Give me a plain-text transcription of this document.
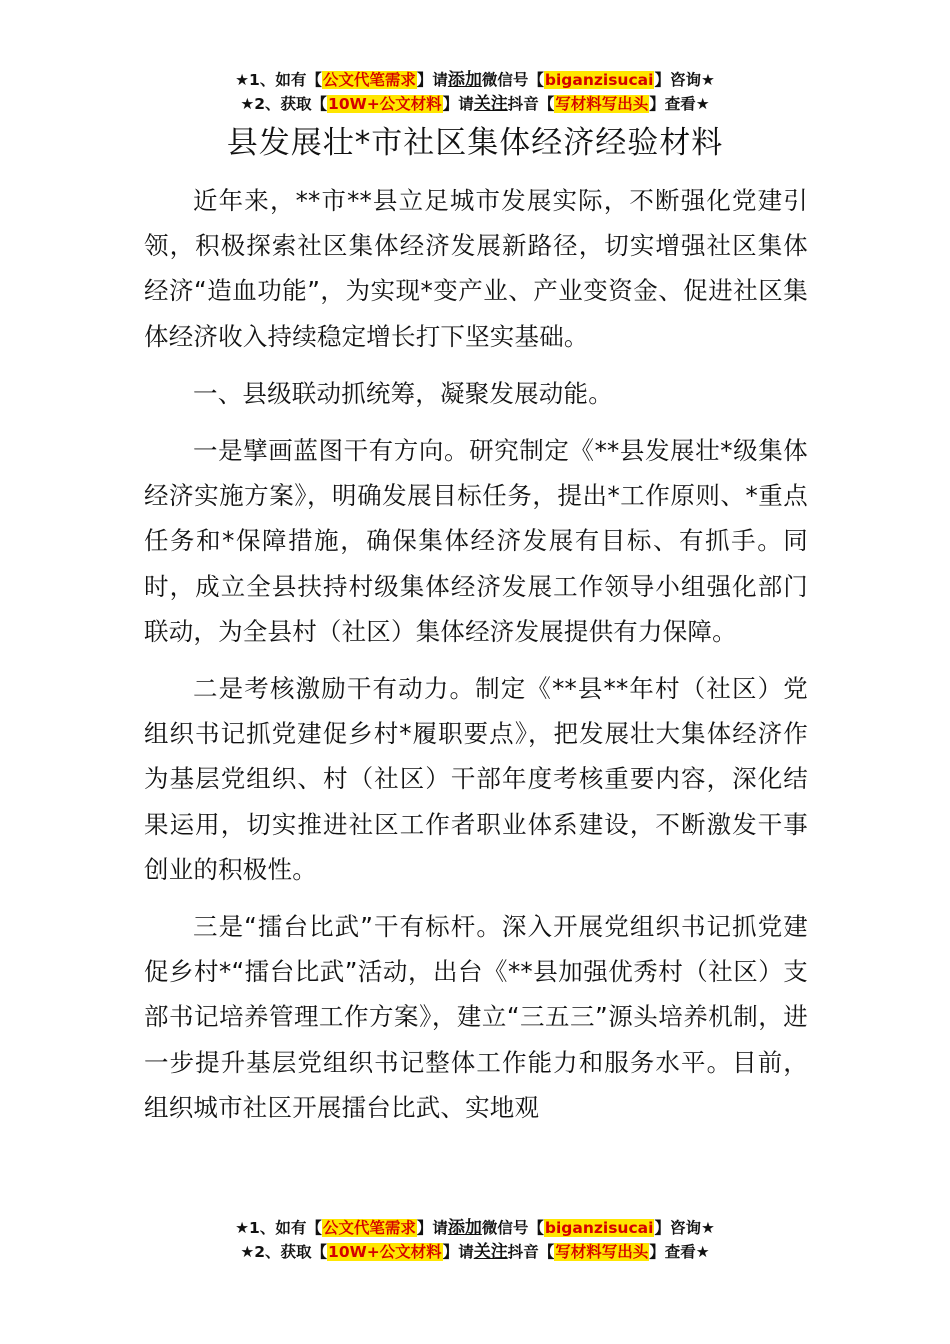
★1、如有【公文代笔需求】请添加微信号【biganzisucai】咨询★
★2、获取【10W+公文材料】请关注抖音【写材料写出头】查看★
县发展壮*市社区集体经济经验材料

近年来，**市**县立足城市发展实际，不断强化党建引领，积极探索社区集体经济发展新路径，切实增强社区集体经济“造血功能”，为实现*变产业、产业变资金、促进社区集体经济收入持续稳定增长打下坚实基础。

一、县级联动抓统筹，凝聚发展动能。

一是擘画蓝图干有方向。研究制定《**县发展壮*级集体经济实施方案》，明确发展目标任务，提出*工作原则、*重点任务和*保障措施，确保集体经济发展有目标、有抓手。同时，成立全县扶持村级集体经济发展工作领导小组强化部门联动，为全县村（社区）集体经济发展提供有力保障。

二是考核激励干有动力。制定《**县**年村（社区）党组织书记抓党建促乡村*履职要点》，把发展壮大集体经济作为基层党组织、村（社区）干部年度考核重要内容，深化结果运用，切实推进社区工作者职业体系建设，不断激发干事创业的积极性。

三是“擂台比武”干有标杆。深入开展党组织书记抓党建促乡村*“擂台比武”活动，出台《**县加强优秀村（社区）支部书记培养管理工作方案》，建立“三五三”源头培养机制，进一步提升基层党组织书记整体工作能力和服务水平。目前，组织城市社区开展擂台比武、实地观

★1、如有【公文代笔需求】请添加微信号【biganzisucai】咨询★
★2、获取【10W+公文材料】请关注抖音【写材料写出头】查看★
